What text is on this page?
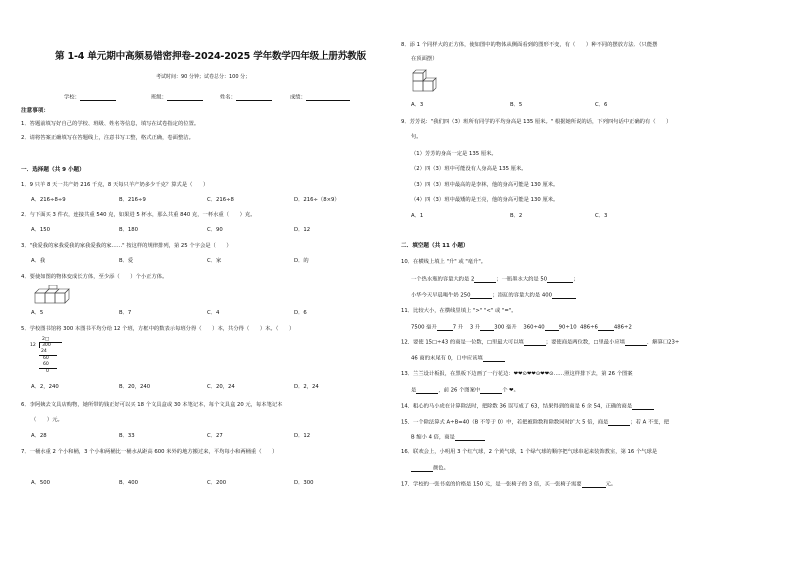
第 1-4 单元期中高频易错密押卷-2024-2025 学年数学四年级上册苏教版
考试时间：90 分钟；试卷总分：100 分；
学校：	班级：	姓名：	成绩：
注意事项：
1．答题前填写好自己的学校、班级、姓名等信息，填写在试卷指定的位置。
2．请将答案正确填写在答题线上，注意书写工整，格式正确，卷面整洁。
一．选择题（共 9 小题）
1．9 只羊 8 天一共产奶 216 千克，8 天每只羊产奶多少千克？算式是（　　）
A．216÷8÷9	B．216÷9	C．216÷8	D．216÷（8×9）
2．与下面买 3 件衣，连接共重 540 克，如果进 5 杯水，那么共重 840 克，一杯水重（　　）克。
A．150	B．180	C．90	D．12
3．"我爱我的家我爱我的家我爱我的家……" 按这样的规律排列，第 25 个字会是（　　）
A．我	B．爱	C．家	D．的
4．要使如图的物体变成长方体，至少添（　　）个小正方体。
A．5	B．7	C．4	D．6
5．学校图书馆将 300 本图书平均分给 12 个班，方框中的数表示每班分得（　　）本，共分得（　　）本。（　　）
2□
12	300
24
60
60
0
A．2，240	B．20，240	C．20，24	D．2，24
6．李阿姨去文具店购物，她所带的钱正好可以买 18 个文具盒或 30 本笔记本，每个文具盒 20 元，每本笔记本
（　　）元。
A．28	B．33	C．27	D．12
7．一桶水重 2 个小和桶，3 个小和两桶比一桶水从距高 600 米外的地方搬过来，平均每小和两桶重（　　）
A．500	B．400	C．200	D．300
8．添 1 个同样大的正方体，使如图中的物体从侧面看到的图形不变，有（　　）种不同的摆放方法．（只能摆
在顶面摆）
A．3	B．5	C．6
9．芳芳说："我们四（3）班所有同学的平均身高是 135 厘米。" 根据她所说的话，下列四句话中正确的有（　　）
句。
（1）芳芳的身高一定是 135 厘米。
（2）四（3）班中可能没有人身高是 135 厘米。
（3）四（3）班中最高的是李林，他的身高可能是 130 厘米。
（4）四（3）班中最矮的是王亮，他的身高可能是 130 厘米。
A．1	B．2	C．3
二．填空题（共 11 小题）
10．在横线上填上 "升" 或 "毫升"。
一个热水瓶的容量大约是 2	；一瓶墨水大约是 50	；
小华今天早晨喝牛奶 250	；浴缸的容量大约是 400
11．比较大小，在横线里填上 ">" "<" 或 "="。
7500 毫升	7 升 3 升	300 毫升 360÷40	90÷10 486÷6	486÷2
12．要使 15□÷43 的商是一位数，□里最大可以填	；要使商是两位数，□里最小应填	．解算口23÷
46 商的末尾有 0，口中应该填
13．兰兰设计板报，在黑板下边画了一行花边：❤❤⊙❤❤⊙❤❤⊙……照这样排下去，第 26 个图案
是	，前 26 个图案中	个 ❤。
14．粗心的马小虎在计算除法时，把除数 36 误写成了 63，结果得到的商是 6 余 54，正确的商是
15．一个除法算式 A÷B=40（B 不等于 0）中，若把被除数和除数同时扩大 5 倍，商是	；若 A 不变，把
B 缩小 4 倍，商是
16．联欢会上，小明用 3 个红气球，2 个黄气球，1 个绿气球的顺序把气球串起来装饰教室，第 16 个气球是
颜色。
17．学校的一张书桌的价格是 150 元，是一张椅子的 3 倍，买一张椅子需要	元。
